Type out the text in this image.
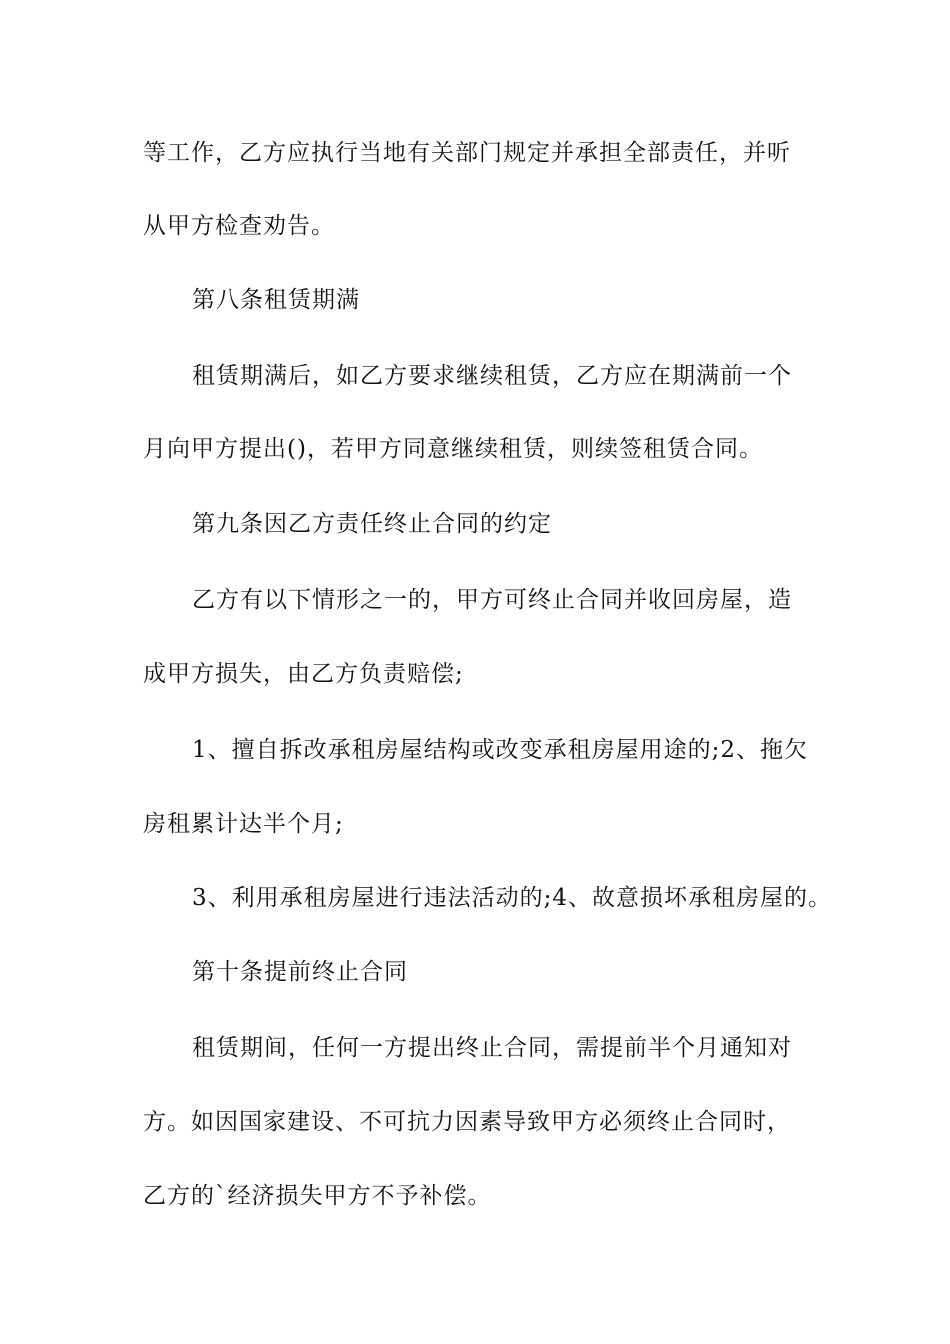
等工作，乙方应执行当地有关部门规定并承担全部责任，并听
从甲方检查劝告。
第八条租赁期满
租赁期满后，如乙方要求继续租赁，乙方应在期满前一个
月向甲方提出()，若甲方同意继续租赁，则续签租赁合同。
第九条因乙方责任终止合同的约定
乙方有以下情形之一的，甲方可终止合同并收回房屋，造
成甲方损失，由乙方负责赔偿;
1、擅自拆改承租房屋结构或改变承租房屋用途的;2、拖欠
房租累计达半个月;
3、利用承租房屋进行违法活动的;4、故意损坏承租房屋的。
第十条提前终止合同
租赁期间，任何一方提出终止合同，需提前半个月通知对
方。如因国家建设、不可抗力因素导致甲方必须终止合同时，
乙方的`经济损失甲方不予补偿。
